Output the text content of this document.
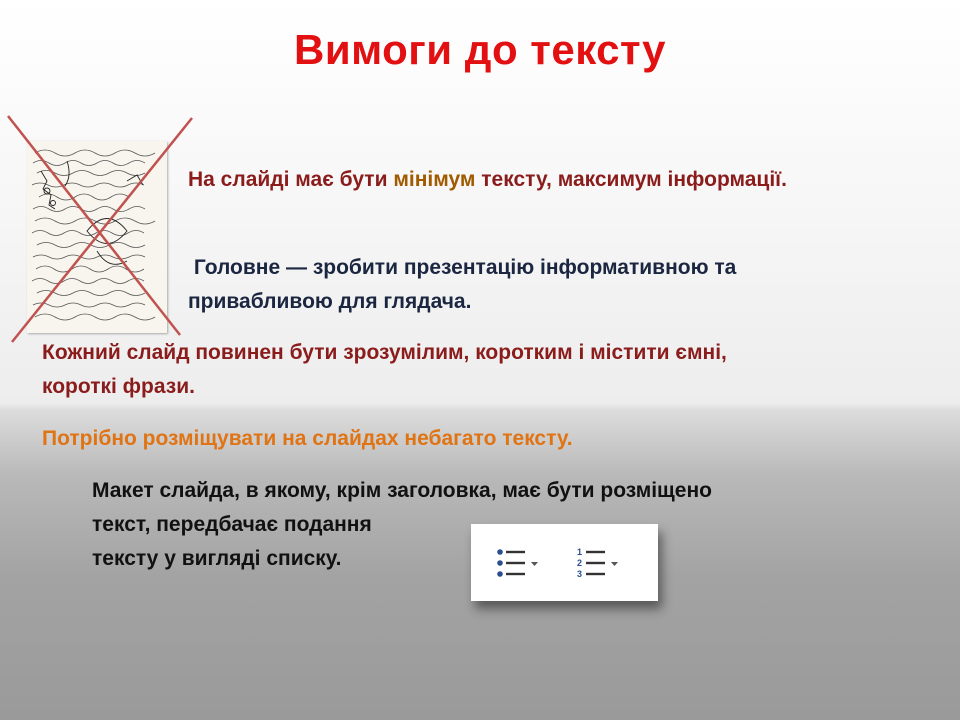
Вимоги до тексту
На слайді має бути мінімум тексту, максимум інформації.
Головне — зробити презентацію інформативною та
привабливою для глядача.
Кожний слайд повинен бути зрозумілим, коротким і містити ємні,
короткі фрази.
Потрібно розміщувати на слайдах небагато тексту.
Макет слайда, в якому, крім заголовка, має бути розміщено
текст, передбачає подання
тексту у вигляді списку.	1
2
3
